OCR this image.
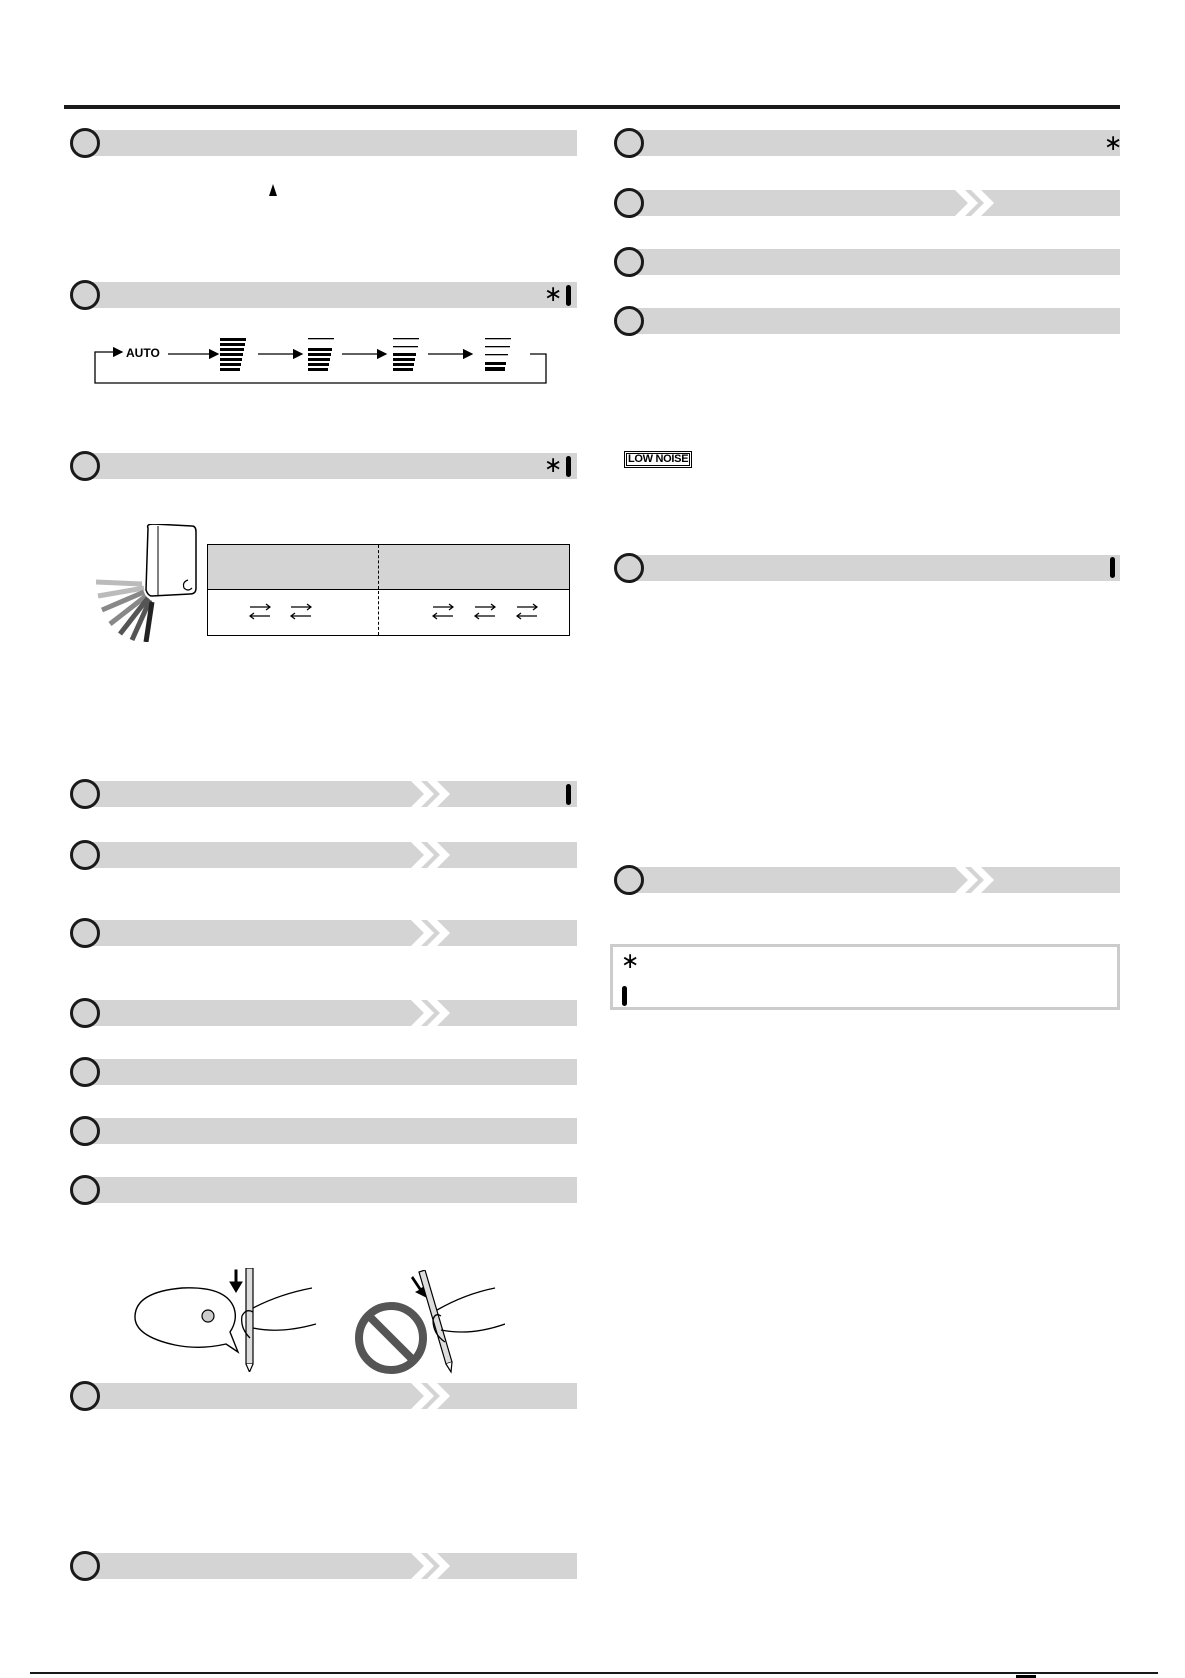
∗
AUTO
∗
∗
LOW NOISE
∗
